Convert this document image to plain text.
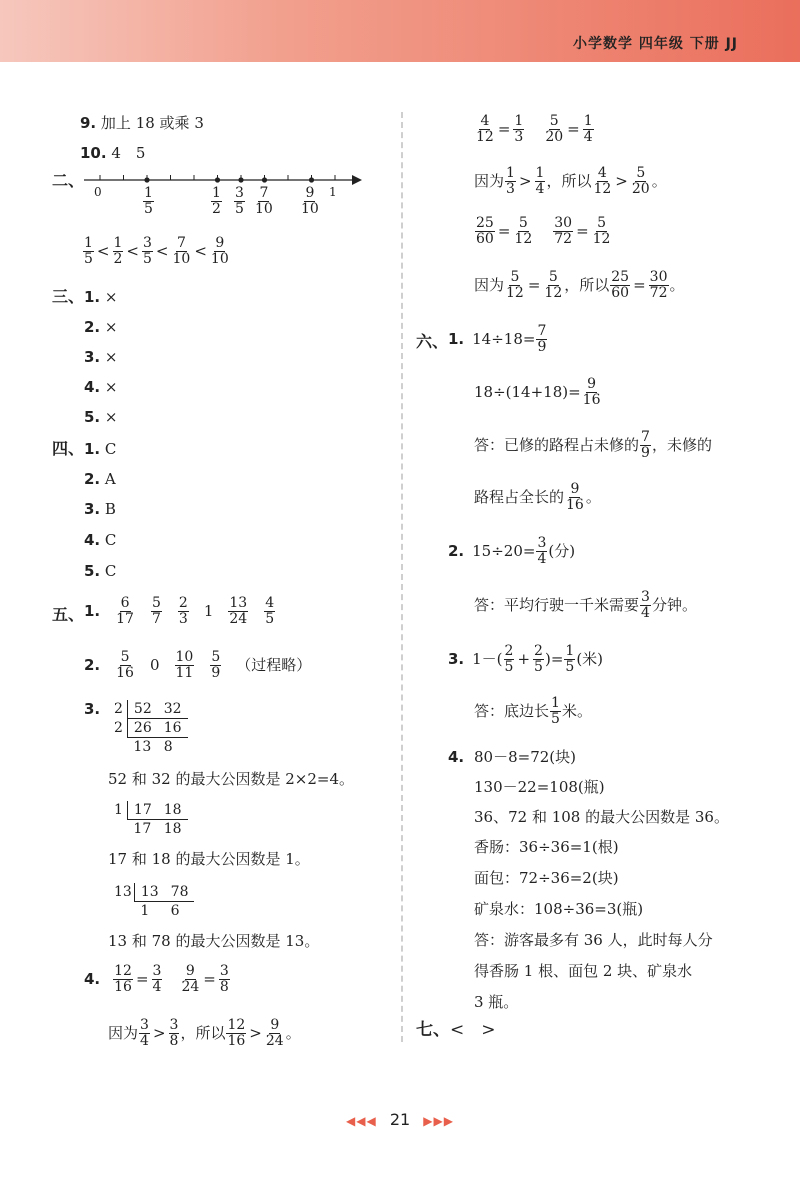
小学数学 四年级 下册 JJ
9. 加上 18 或乘 3
10. 4　5
二、
0	1
$\frac{1}{5}$	$\frac{1}{2} \frac{3}{5} \frac{7}{10} \frac{9}{10}$
$\frac{1}{5} < \frac{1}{2} < \frac{3}{5} < \frac{7}{10} < \frac{9}{10}$
三、 1. ×
2. ×
3. ×
4. ×
5. ×
四、 1. C
2. A
3. B
4. C
5. C
五、 1. $\frac{6}{17} \frac{5}{7} \frac{2}{3} 1 \frac{13}{24} \frac{4}{5}$
2. $\frac{5}{16} 0 \frac{10}{11} \frac{5}{9}$ （过程略）
3. 2	52	32
2	26	16
	13	8
52 和 32 的最大公因数是 2×2=4。
1	17	18
	17	18
17 和 18 的最大公因数是 1。
13	13	78
	1	6
13 和 78 的最大公因数是 13。
4. $\frac{12}{16} = \frac{3}{4} \frac{9}{24} = \frac{3}{8}$
因为 $\frac{3}{4} > \frac{3}{8}$ ，所以 $\frac{12}{16} > \frac{9}{24}$ 。
$\frac{4}{12} = \frac{1}{3} \frac{5}{20} = \frac{1}{4}$
因为 $\frac{1}{3} > \frac{1}{4}$ ，所以 $\frac{4}{12} > \frac{5}{20}$ 。
$\frac{25}{60} = \frac{5}{12} \frac{30}{72} = \frac{5}{12}$
因为 $\frac{5}{12} = \frac{5}{12}$ ，所以 $\frac{25}{60} = \frac{30}{72}$ 。
六、 1. $14\div 18= \frac{7}{9}$
$18\div(14+18)= \frac{9}{16}$
答：已修的路程占未修的 $\frac{7}{9}$ ，未修的
路程占全长的 $\frac{9}{16}$ 。
2. $15\div 20= \frac{3}{4}$ (分)
答：平均行驶一千米需要 $\frac{3}{4}$ 分钟。
3. $1-( \frac{2}{5} + \frac{2}{5}$ )= $\frac{1}{5}$ (米)
答：底边长 $\frac{1}{5}$ 米。
4. 80－8=72(块)
130－22=108(瓶)
36、72 和 108 的最大公因数是 36。
香肠：36÷36=1(根)
面包：72÷36=2(块)
矿泉水：108÷36=3(瓶)
答：游客最多有 36 人，此时每人分
得香肠 1 根、面包 2 块、矿泉水
3 瓶。
七、<　>
◀◀◀ 21 ▶▶▶
